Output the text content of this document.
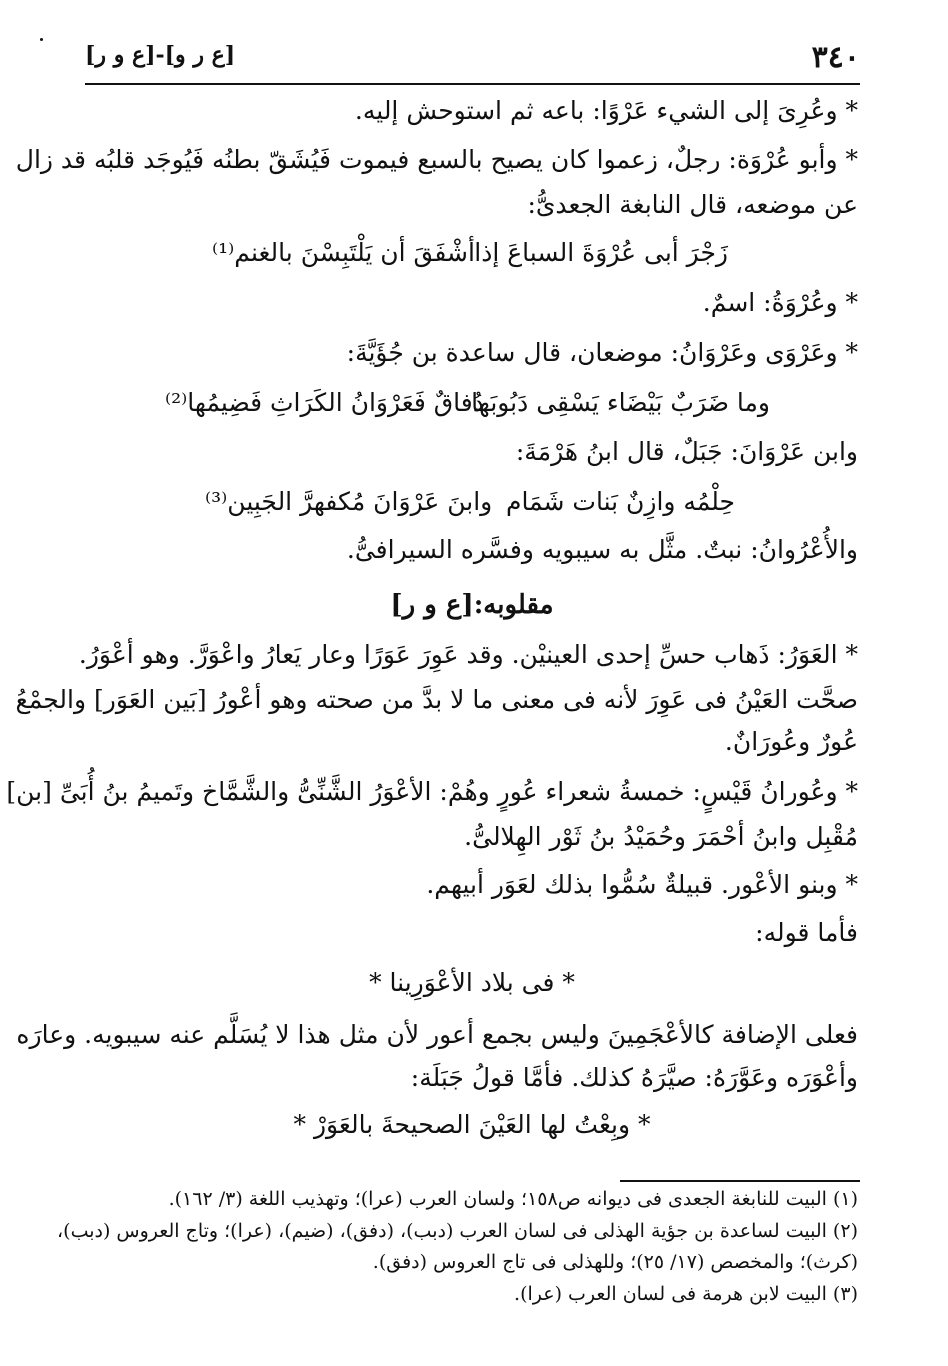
٣٤٠
[ع ر و]-[ع و ر]
* وعُرِىَ إلى الشيء عَرْوًا: باعه ثم استوحش إليه.
* وأبو عُرْوَة: رجلٌ، زعموا كان يصيح بالسبع فيموت فَيُشَقّ بطنُه فَيُوجَد قلبُه قد زال
عن موضعه، قال النابغة الجعدىُّ:
زَجْرَ أبى عُرْوَةَ السباعَ إذا
أشْفَقَ أن يَلْتَبِسْنَ بالغنم⁽¹⁾
* وعُرْوَةُ: اسمٌ.
* وعَرْوَى وعَرْوَانُ: موضعان، قال ساعدة بن جُؤَيَّةَ:
وما ضَرَبٌ بَيْضَاء يَسْقِى دَبُوبَها
دُفاقٌ فَعَرْوَانُ الكَرَاثِ فَضِيمُها⁽²⁾
وابن عَرْوَانَ: جَبَلٌ، قال ابنُ هَرْمَةَ:
حِلْمُه وازِنٌ بَنات شَمَام
وابنَ عَرْوَانَ مُكفهرَّ الجَبِين⁽³⁾
والأُعْرُوانُ: نبتٌ. مثَّل به سيبويه وفسَّره السيرافىُّ.
مقلوبه:[ع و ر]
* العَوَرُ: ذَهاب حسِّ إحدى العينيْن. وقد عَوِرَ عَوَرًا وعار يَعارُ واعْوَرَّ. وهو أعْوَرُ.
صحَّت العَيْنُ فى عَوِرَ لأنه فى معنى ما لا بدَّ من صحته وهو أعْورُ [بَين العَوَر] والجمْعُ
عُورٌ وعُورَانٌ.
* وعُورانُ قَيْسٍ: خمسةُ شعراء عُورٍ وهُمْ: الأعْوَرُ الشَّنِّىُّ والشَّمَّاخ وتَميمُ بنُ أُبَىِّ [بن]
مُقْبِل وابنُ أحْمَرَ وحُمَيْدُ بنُ ثَوْر الهِلالىُّ.
* وبنو الأعْور. قبيلةٌ سُمُّوا بذلك لعَوَر أبيهم.
فأما قوله:
* فى بلاد الأعْوَرِينا *
فعلى الإضافة كالأعْجَمِينَ وليس بجمع أعور لأن مثل هذا لا يُسَلَّم عنه سيبويه. وعارَه
وأعْوَرَه وعَوَّرَهُ: صيَّرَهُ كذلك. فأمَّا قولُ جَبَلَة:
* وبِعْتُ لها العَيْنَ الصحيحةَ بالعَوَرْ *
(١) البيت للنابغة الجعدى فى ديوانه ص١٥٨؛ ولسان العرب (عرا)؛ وتهذيب اللغة (٣/ ١٦٢).
(٢) البيت لساعدة بن جؤية الهذلى فى لسان العرب (دبب)، (دفق)، (ضيم)، (عرا)؛ وتاج العروس (دبب)،
(كرث)؛ والمخصص (١٧/ ٢٥)؛ وللهذلى فى تاج العروس (دفق).
(٣) البيت لابن هرمة فى لسان العرب (عرا).
